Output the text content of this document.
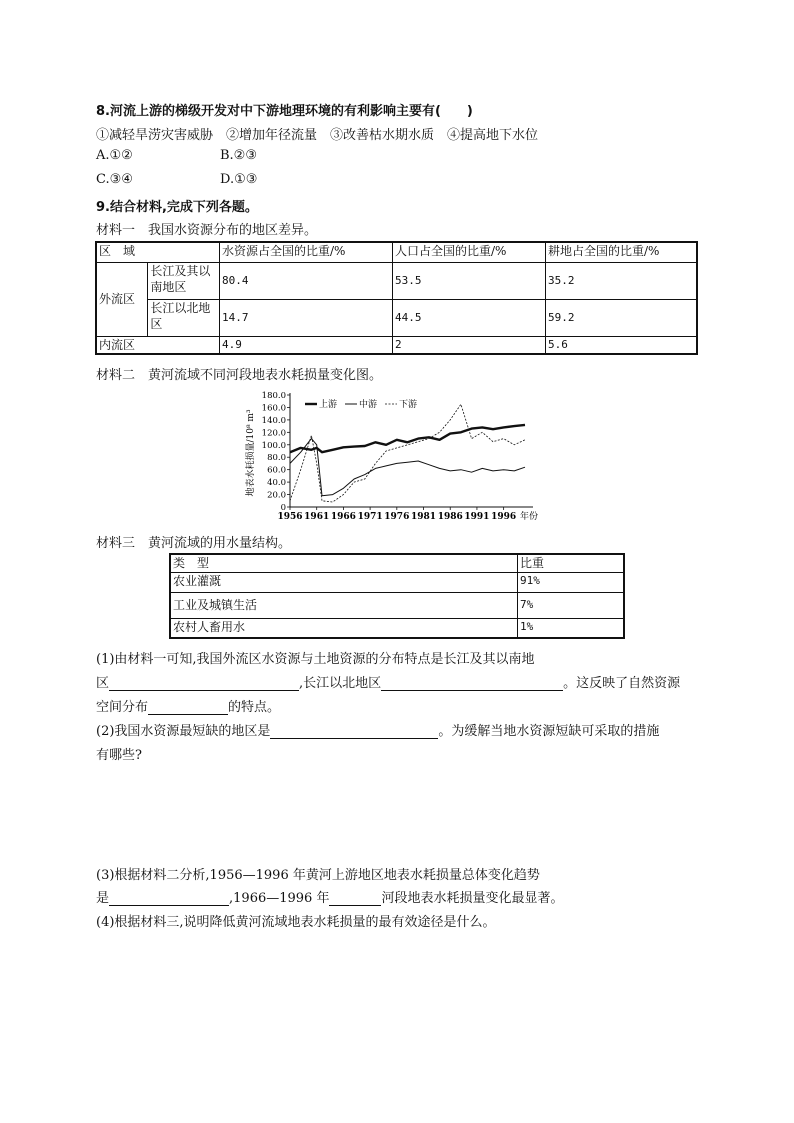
8.河流上游的梯级开发对中下游地理环境的有利影响主要有(　　)
①减轻旱涝灾害威胁　②增加年径流量　③改善枯水期水质　④提高地下水位
A.①②	B.②③
C.③④	D.①③
9.结合材料,完成下列各题。
材料一　我国水资源分布的地区差异。
区　域		水资源占全国的比重/%	人口占全国的比重/%	耕地占全国的比重/%
外流区	长江及其以南地区	80.4	53.5	35.2
	长江以北地区	14.7	44.5	59.2
内流区		4.9	2	5.6
材料二　黄河流域不同河段地表水耗损量变化图。
0
20.0
40.0
60.0
80.0
100.0
120.0
140.0
160.0
180.0
1956 1961 1966 1971 1976 1981 1986 1991 1996
地表水耗损量/10⁸ m³
年份
上游 中游 下游
材料三　黄河流域的用水量结构。
类　型	比重
农业灌溉	91%
工业及城镇生活	7%
农村人畜用水	1%
(1)由材料一可知,我国外流区水资源与土地资源的分布特点是长江及其以南地
区	,长江以北地区	。这反映了自然资源
空间分布	的特点。
(2)我国水资源最短缺的地区是	。为缓解当地水资源短缺可采取的措施
有哪些?
(3)根据材料二分析,1956—1996 年黄河上游地区地表水耗损量总体变化趋势
是	,1966—1996 年	河段地表水耗损量变化最显著。
(4)根据材料三,说明降低黄河流域地表水耗损量的最有效途径是什么。
